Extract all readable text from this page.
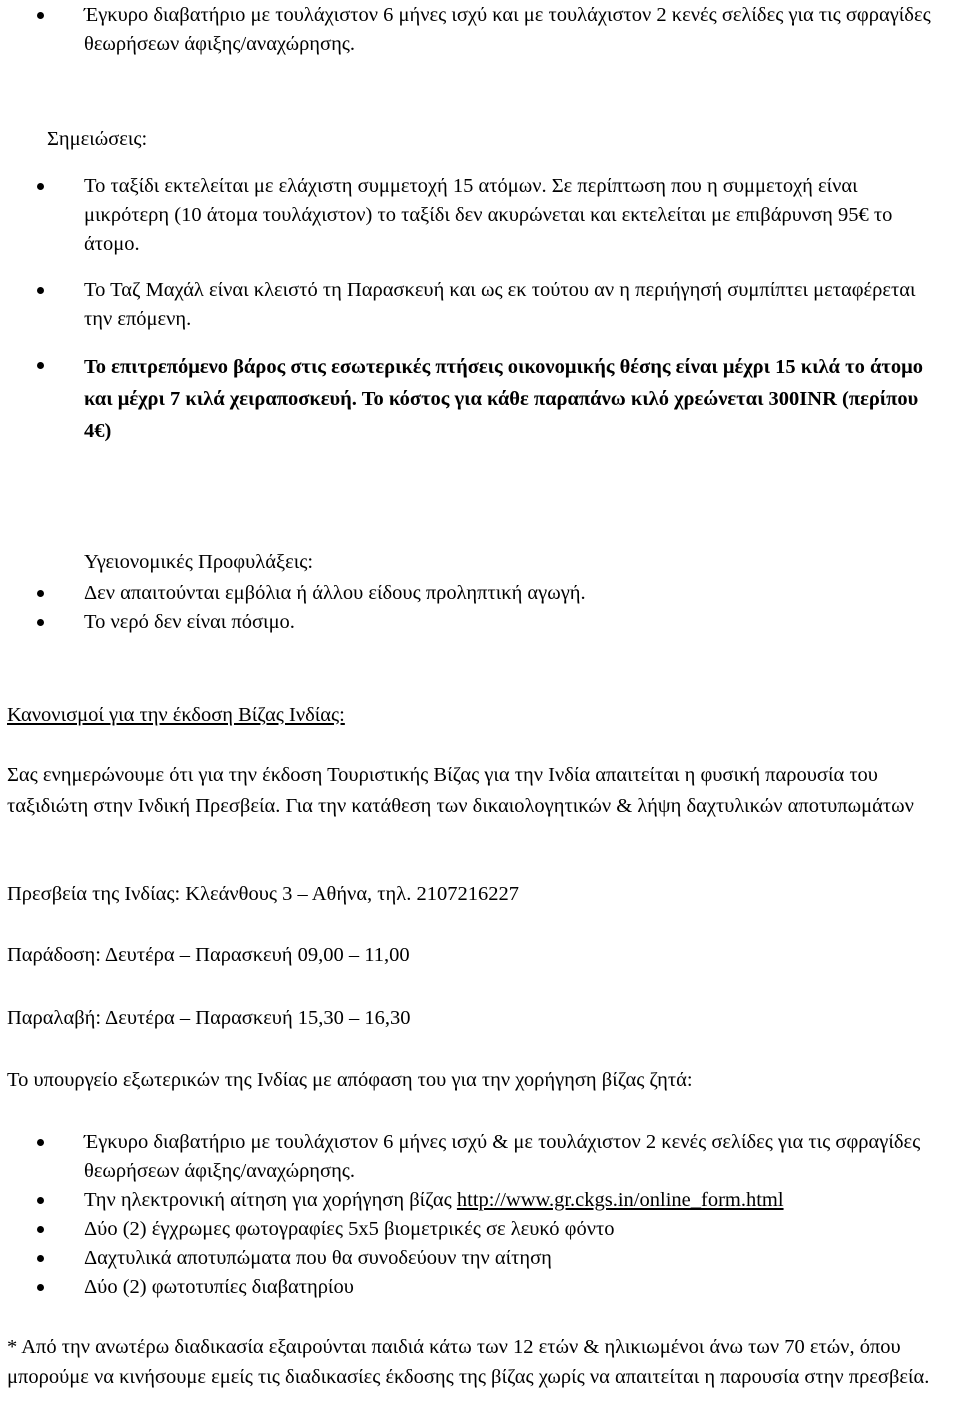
Έγκυρο διαβατήριο με τουλάχιστον 6 μήνες ισχύ και με τουλάχιστον 2 κενές σελίδες για τις σφραγίδες θεωρήσεων άφιξης/αναχώρησης.
Σημειώσεις:
Το ταξίδι εκτελείται με ελάχιστη συμμετοχή 15 ατόμων. Σε περίπτωση που η συμμετοχή είναι μικρότερη (10 άτομα τουλάχιστον) το ταξίδι δεν ακυρώνεται και εκτελείται με επιβάρυνση 95€ το άτομο.
Το Ταζ Μαχάλ είναι κλειστό τη Παρασκευή και ως εκ τούτου αν η περιήγησή συμπίπτει μεταφέρεται την επόμενη.
Το επιτρεπόμενο βάρος στις εσωτερικές πτήσεις οικονομικής θέσης είναι μέχρι 15 κιλά το άτομο και μέχρι 7 κιλά χειραποσκευή. Το κόστος για κάθε παραπάνω κιλό χρεώνεται 300INR (περίπου 4€)
Υγειονομικές Προφυλάξεις:
Δεν απαιτούνται εμβόλια ή άλλου είδους προληπτική αγωγή.
Το νερό δεν είναι πόσιμο.
Κανονισμοί για την έκδοση Βίζας Ινδίας:
Σας ενημερώνουμε ότι για την έκδοση Τουριστικής Βίζας για την Ινδία απαιτείται η φυσική παρουσία του ταξιδιώτη στην Ινδική Πρεσβεία. Για την κατάθεση των δικαιολογητικών & λήψη δαχτυλικών αποτυπωμάτων
Πρεσβεία της Ινδίας: Κλεάνθους 3 – Αθήνα, τηλ. 2107216227
Παράδοση: Δευτέρα – Παρασκευή 09,00 – 11,00
Παραλαβή: Δευτέρα – Παρασκευή 15,30 – 16,30
Το υπουργείο εξωτερικών της Ινδίας με απόφαση του για την χορήγηση βίζας ζητά:
Έγκυρο διαβατήριο με τουλάχιστον 6 μήνες ισχύ & με τουλάχιστον 2 κενές σελίδες για τις σφραγίδες θεωρήσεων άφιξης/αναχώρησης.
Την ηλεκτρονική αίτηση για χορήγηση βίζας http://www.gr.ckgs.in/online_form.html
Δύο (2) έγχρωμες φωτογραφίες 5x5 βιομετρικές σε λευκό φόντο
Δαχτυλικά αποτυπώματα που θα συνοδεύουν την αίτηση
Δύο (2) φωτοτυπίες διαβατηρίου
* Από την ανωτέρω διαδικασία εξαιρούνται παιδιά κάτω των 12 ετών & ηλικιωμένοι άνω των 70 ετών, όπου μπορούμε να κινήσουμε εμείς τις διαδικασίες έκδοσης της βίζας χωρίς να απαιτείται η παρουσία στην πρεσβεία.
